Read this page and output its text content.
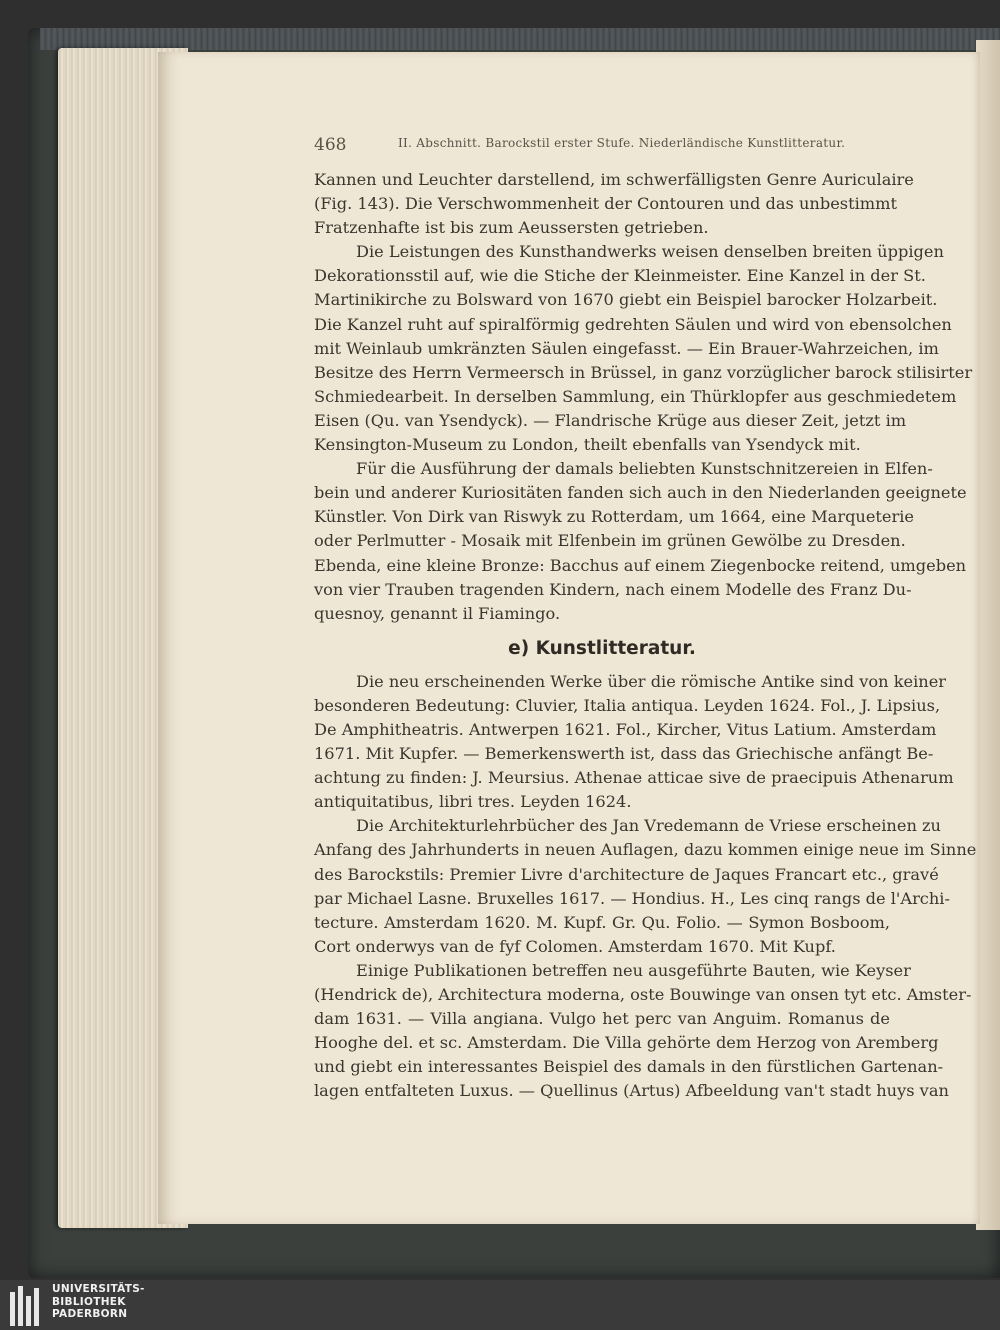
468	II. Abschnitt. Barockstil erster Stufe. Niederländische Kunstlitteratur.
Kannen und Leuchter darstellend, im schwerfälligsten Genre Auriculaire
(Fig. 143). Die Verschwommenheit der Contouren und das unbestimmt
Fratzenhafte ist bis zum Aeussersten getrieben.
Die Leistungen des Kunsthandwerks weisen denselben breiten üppigen
Dekorationsstil auf, wie die Stiche der Kleinmeister. Eine Kanzel in der St.
Martinikirche zu Bolsward von 1670 giebt ein Beispiel barocker Holzarbeit.
Die Kanzel ruht auf spiralförmig gedrehten Säulen und wird von ebensolchen
mit Weinlaub umkränzten Säulen eingefasst. — Ein Brauer-Wahrzeichen, im
Besitze des Herrn Vermeersch in Brüssel, in ganz vorzüglicher barock stilisirter
Schmiedearbeit. In derselben Sammlung, ein Thürklopfer aus geschmiedetem
Eisen (Qu. van Ysendyck). — Flandrische Krüge aus dieser Zeit, jetzt im
Kensington-Museum zu London, theilt ebenfalls van Ysendyck mit.
Für die Ausführung der damals beliebten Kunstschnitzereien in Elfen-
bein und anderer Kuriositäten fanden sich auch in den Niederlanden geeignete
Künstler. Von Dirk van Riswyk zu Rotterdam, um 1664, eine Marqueterie
oder Perlmutter - Mosaik mit Elfenbein im grünen Gewölbe zu Dresden.
Ebenda, eine kleine Bronze: Bacchus auf einem Ziegenbocke reitend, umgeben
von vier Trauben tragenden Kindern, nach einem Modelle des Franz Du-
quesnoy, genannt il Fiamingo.
e) Kunstlitteratur.
Die neu erscheinenden Werke über die römische Antike sind von keiner
besonderen Bedeutung: Cluvier, Italia antiqua. Leyden 1624. Fol., J. Lipsius,
De Amphitheatris. Antwerpen 1621. Fol., Kircher, Vitus Latium. Amsterdam
1671. Mit Kupfer. — Bemerkenswerth ist, dass das Griechische anfängt Be-
achtung zu finden: J. Meursius. Athenae atticae sive de praecipuis Athenarum
antiquitatibus, libri tres. Leyden 1624.
Die Architekturlehrbücher des Jan Vredemann de Vriese erscheinen zu
Anfang des Jahrhunderts in neuen Auflagen, dazu kommen einige neue im Sinne
des Barockstils: Premier Livre d'architecture de Jaques Francart etc., gravé
par Michael Lasne. Bruxelles 1617. — Hondius. H., Les cinq rangs de l'Archi-
tecture. Amsterdam 1620. M. Kupf. Gr. Qu. Folio. — Symon Bosboom,
Cort onderwys van de fyf Colomen. Amsterdam 1670. Mit Kupf.
Einige Publikationen betreffen neu ausgeführte Bauten, wie Keyser
(Hendrick de), Architectura moderna, oste Bouwinge van onsen tyt etc. Amster-
dam 1631. — Villa angiana. Vulgo het perc van Anguim. Romanus de
Hooghe del. et sc. Amsterdam. Die Villa gehörte dem Herzog von Aremberg
und giebt ein interessantes Beispiel des damals in den fürstlichen Gartenan-
lagen entfalteten Luxus. — Quellinus (Artus) Afbeeldung van't stadt huys van
UNIVERSITÄTS-
BIBLIOTHEK
PADERBORN
